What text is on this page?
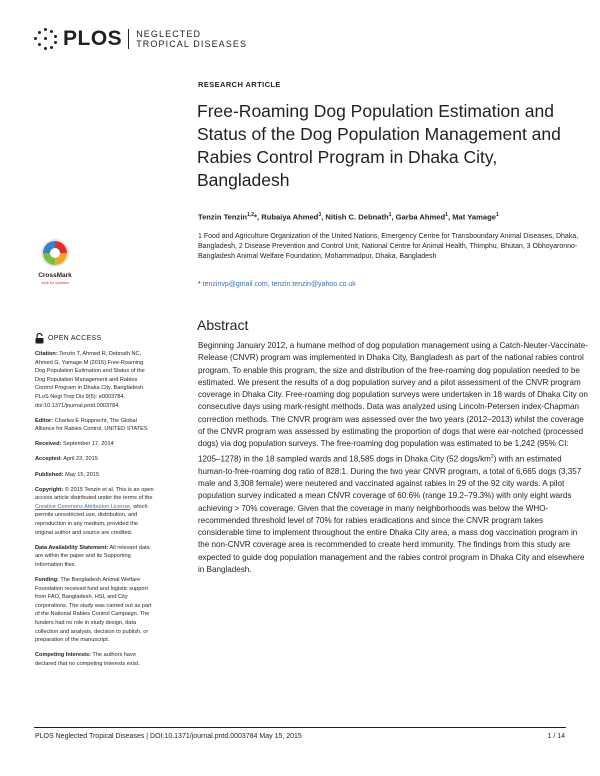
PLOS NEGLECTED
TROPICAL DISEASES
RESEARCH ARTICLE
Free-Roaming Dog Population Estimation and Status of the Dog Population Management and Rabies Control Program in Dhaka City, Bangladesh
Tenzin Tenzin$^{1,2}$*, Rubaiya Ahmed$^3$, Nitish C. Debnath$^1$, Garba Ahmed$^1$, Mat Yamage$^1$
1 Food and Agriculture Organization of the United Nations, Emergency Centre for Transboundary Animal Diseases, Dhaka, Bangladesh, 2 Disease Prevention and Control Unit, National Centre for Animal Health, Thimphu, Bhutan, 3 Obhoyaronno-Bangladesh Animal Welfare Foundation, Mohammadpur, Dhaka, Bangladesh
* tenzinvp@gmail.com, tenzin.tenzin@yahoo.co.uk
CrossMark
click for updates
OPEN ACCESS

Citation: Tenzin T, Ahmed R, Debnath NC, Ahmed G, Yamage M (2015) Free-Roaming Dog Population Estimation and Status of the Dog Population Management and Rabies Control Program in Dhaka City, Bangladesh. PLoS Negl Trop Dis 9(5): e0003784. doi:10.1371/journal.pntd.0003784

Editor: Charles E Rupprecht, The Global Alliance for Rabies Control, UNITED STATES

Received: September 17, 2014

Accepted: April 23, 2015

Published: May 15, 2015

Copyright: © 2015 Tenzin et al. This is an open access article distributed under the terms of the Creative Commons Attribution License, which permits unrestricted use, distribution, and reproduction in any medium, provided the original author and source are credited.

Data Availability Statement: All relevant data are within the paper and its Supporting Information files.

Funding: The Bangladesh Animal Welfare Foundation received fund and logistic support from FAO, Bangladesh, HSI, and City corporations. The study was carried out as part of the National Rabies Control Campaign. The funders had no role in study design, data collection and analysis, decision to publish, or preparation of the manuscript.

Competing Interests: The authors have declared that no competing interests exist.

Abstract
Beginning January 2012, a humane method of dog population management using a Catch-Neuter-Vaccinate-Release (CNVR) program was implemented in Dhaka City, Bangladesh as part of the national rabies control program. To enable this program, the size and distribution of the free-roaming dog population needed to be estimated. We present the results of a dog population survey and a pilot assessment of the CNVR program coverage in Dhaka City. Free-roaming dog population surveys were undertaken in 18 wards of Dhaka City on consecutive days using mark-resight methods. Data was analyzed using Lincoln-Petersen index-Chapman correction methods. The CNVR program was assessed over the two years (2012–2013) whilst the coverage of the CNVR program was assessed by estimating the proportion of dogs that were ear-notched (processed dogs) via dog population surveys. The free-roaming dog population was estimated to be 1,242 (95% CI: 1205–1278) in the 18 sampled wards and 18,585 dogs in Dhaka City (52 dogs/$km^2$) with an estimated human-to-free-roaming dog ratio of 828:1. During the two year CNVR program, a total of 6,665 dogs (3,357 male and 3,308 female) were neutered and vaccinated against rabies in 29 of the 92 city wards. A pilot population survey indicated a mean CNVR coverage of 60.6% (range 19.2–79.3%) with only eight wards achieving > 70% coverage. Given that the coverage in many neighborhoods was below the WHO-recommended threshold level of 70% for rabies eradications and since the CNVR program takes considerable time to implement throughout the entire Dhaka City area, a mass dog vaccination program in the non-CNVR coverage area is recommended to create herd immunity. The findings from this study are expected to guide dog population management and the rabies control program in Dhaka City and elsewhere in Bangladesh.
PLOS Neglected Tropical Diseases | DOI:10.1371/journal.pntd.0003784 May 15, 2015	1 / 14
